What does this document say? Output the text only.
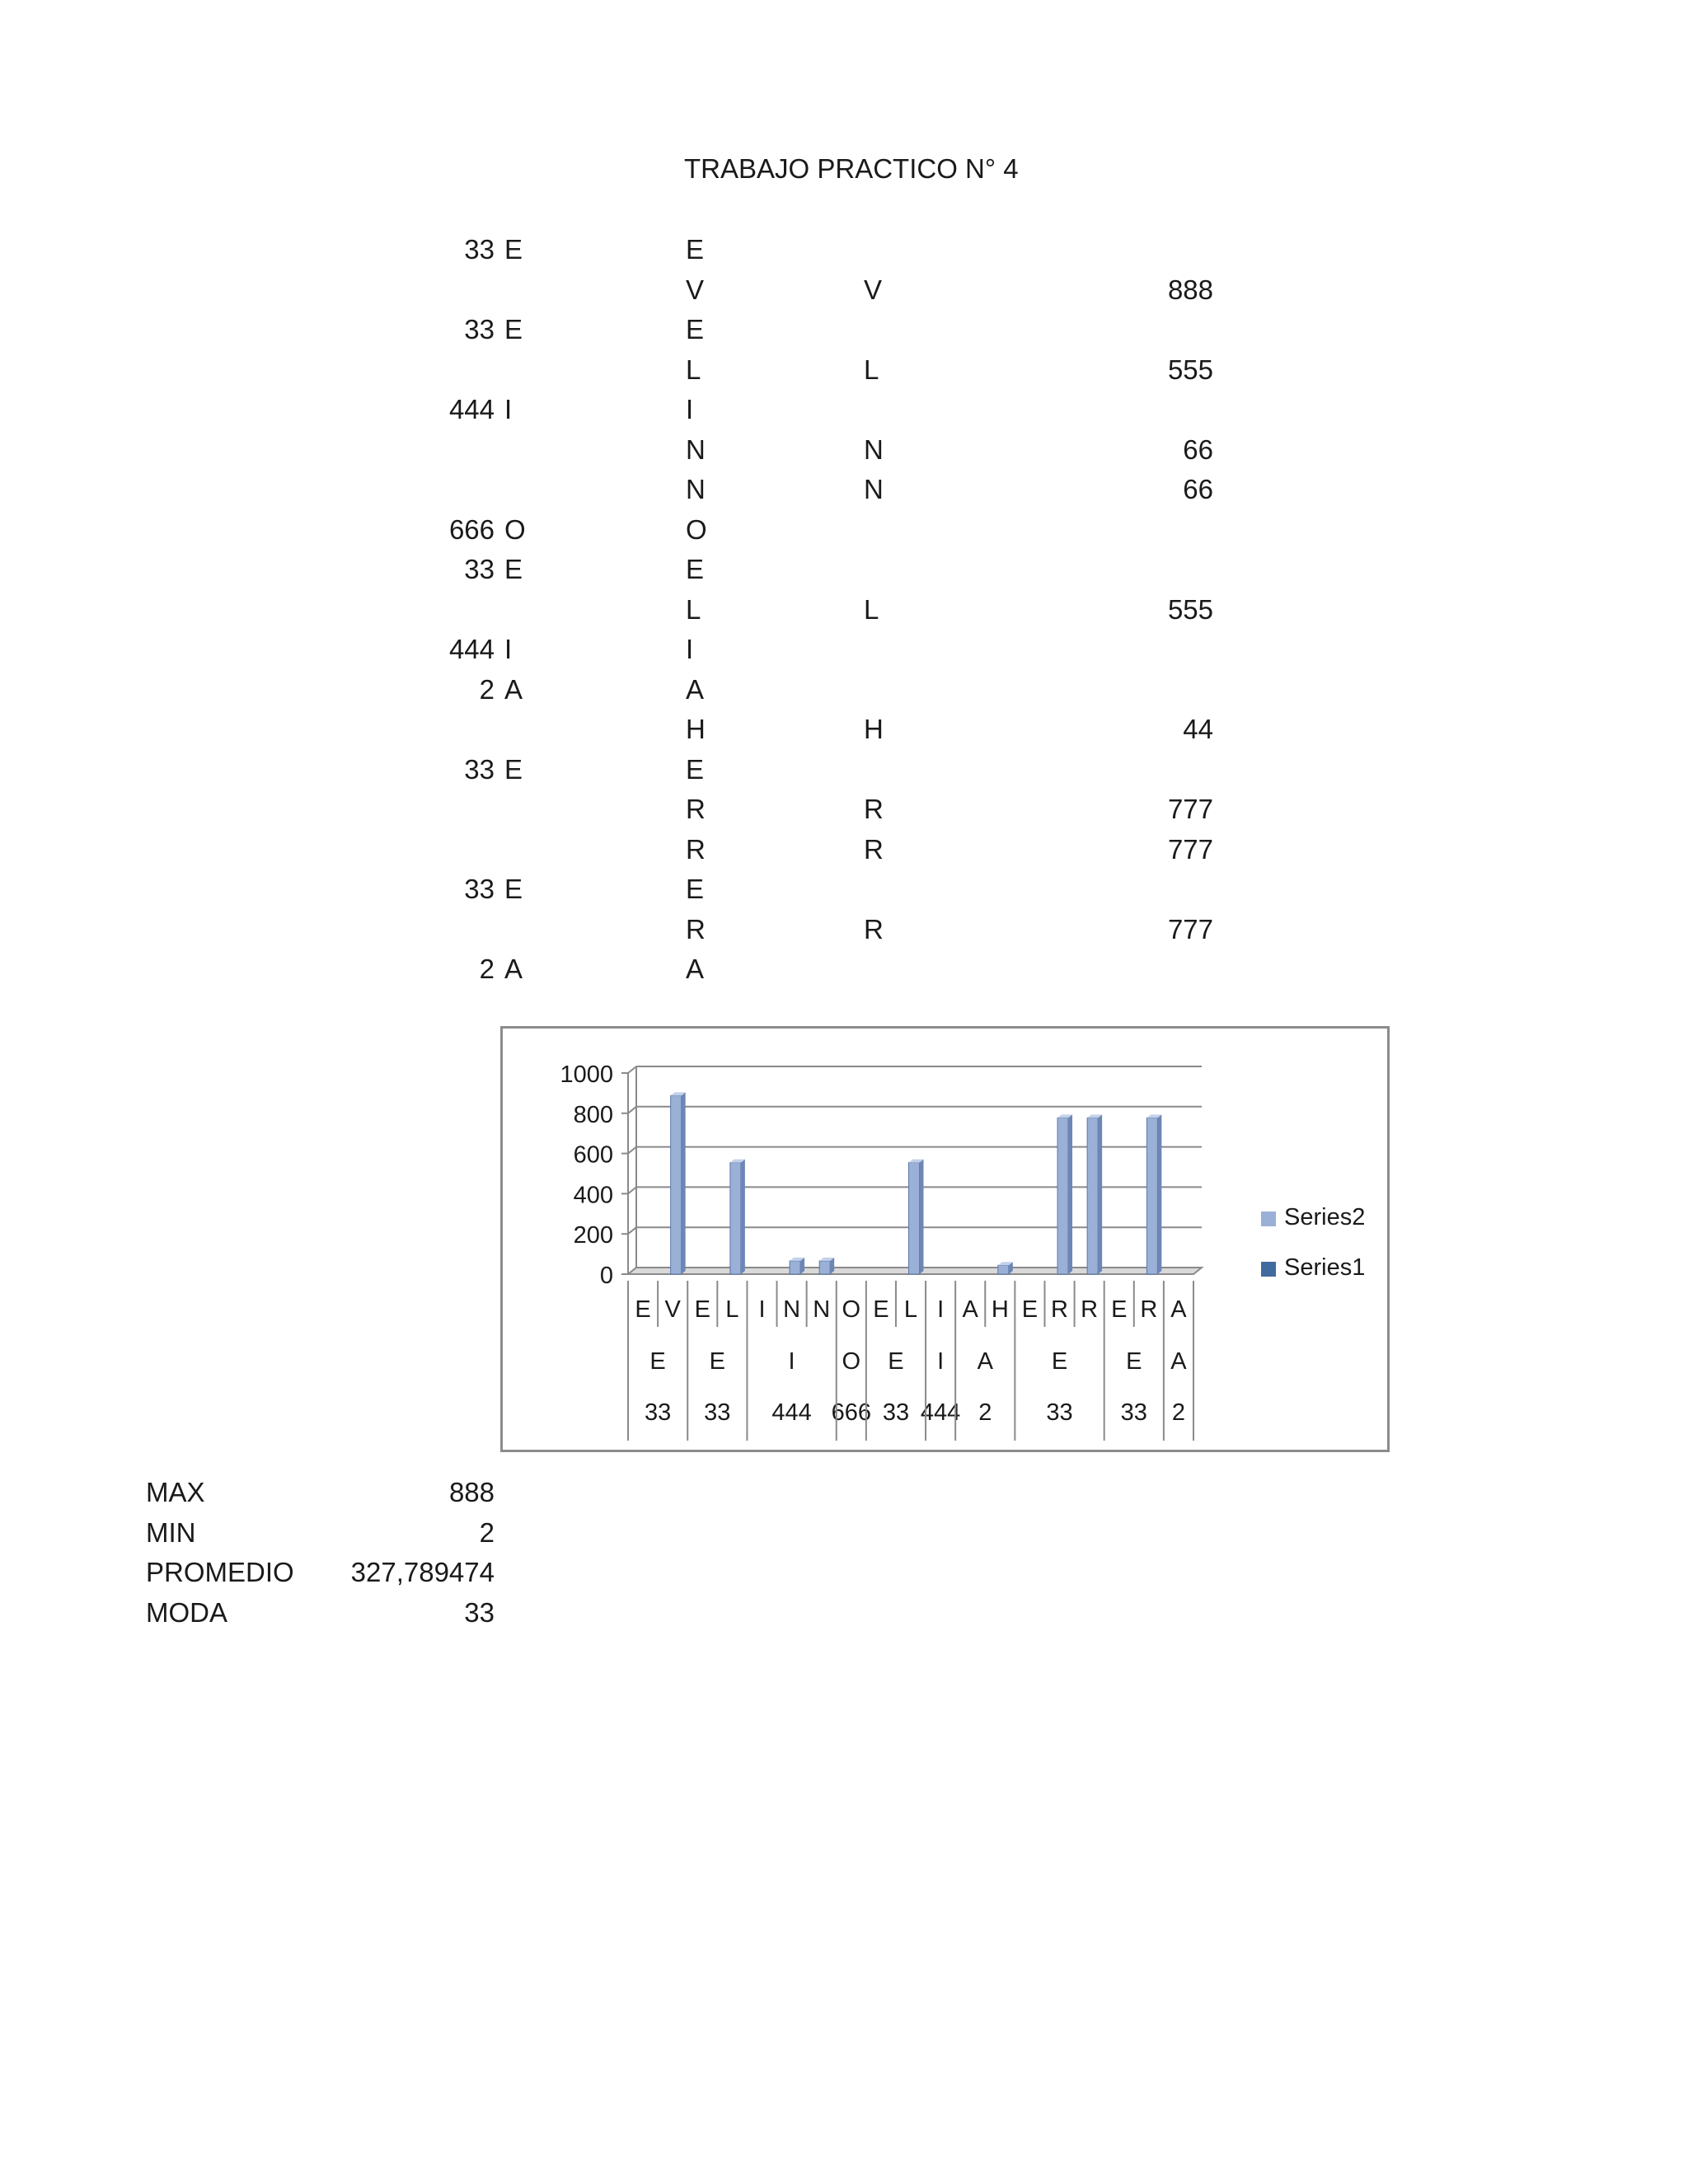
TRABAJO PRACTICO N° 4
33 E	E
V	V	888
33 E	E
L	L	555
444 I	I
N	N	66
N	N	66
666 O	O
33 E	E
L	L	555
444 I	I
2 A	A
H	H	44
33 E	E
R	R	777
R	R	777
33 E	E
R	R	777
2 A	A
0
200
400
600
800
1000
E V E L I N N O E L I A H E R R E R A
E E	I O E I A E E A
33 33 444 666 33 444 2 33 33 2
Series2
Series1
MAX	888
MIN	2
PROMEDIO	327,789474
MODA	33
